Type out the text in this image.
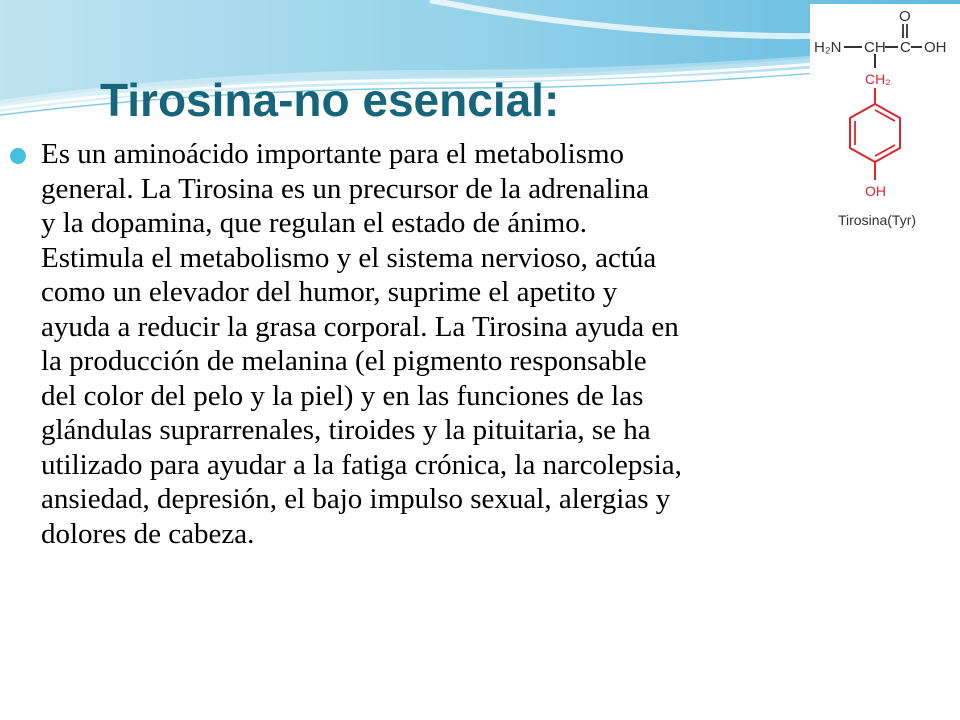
Tirosina-no esencial:

Es un aminoácido importante para el metabolismo
general. La Tirosina es un precursor de la adrenalina
y la dopamina, que regulan el estado de ánimo.
Estimula el metabolismo y el sistema nervioso, actúa
como un elevador del humor, suprime el apetito y
ayuda a reducir la grasa corporal. La Tirosina ayuda en
la producción de melanina (el pigmento responsable
del color del pelo y la piel) y en las funciones de las
glándulas suprarrenales, tiroides y la pituitaria, se ha
utilizado para ayudar a la fatiga crónica, la narcolepsia,
ansiedad, depresión, el bajo impulso sexual, alergias y
dolores de cabeza.

H₂N CH C OH
O
CH₂
OH
Tirosina(Tyr)
